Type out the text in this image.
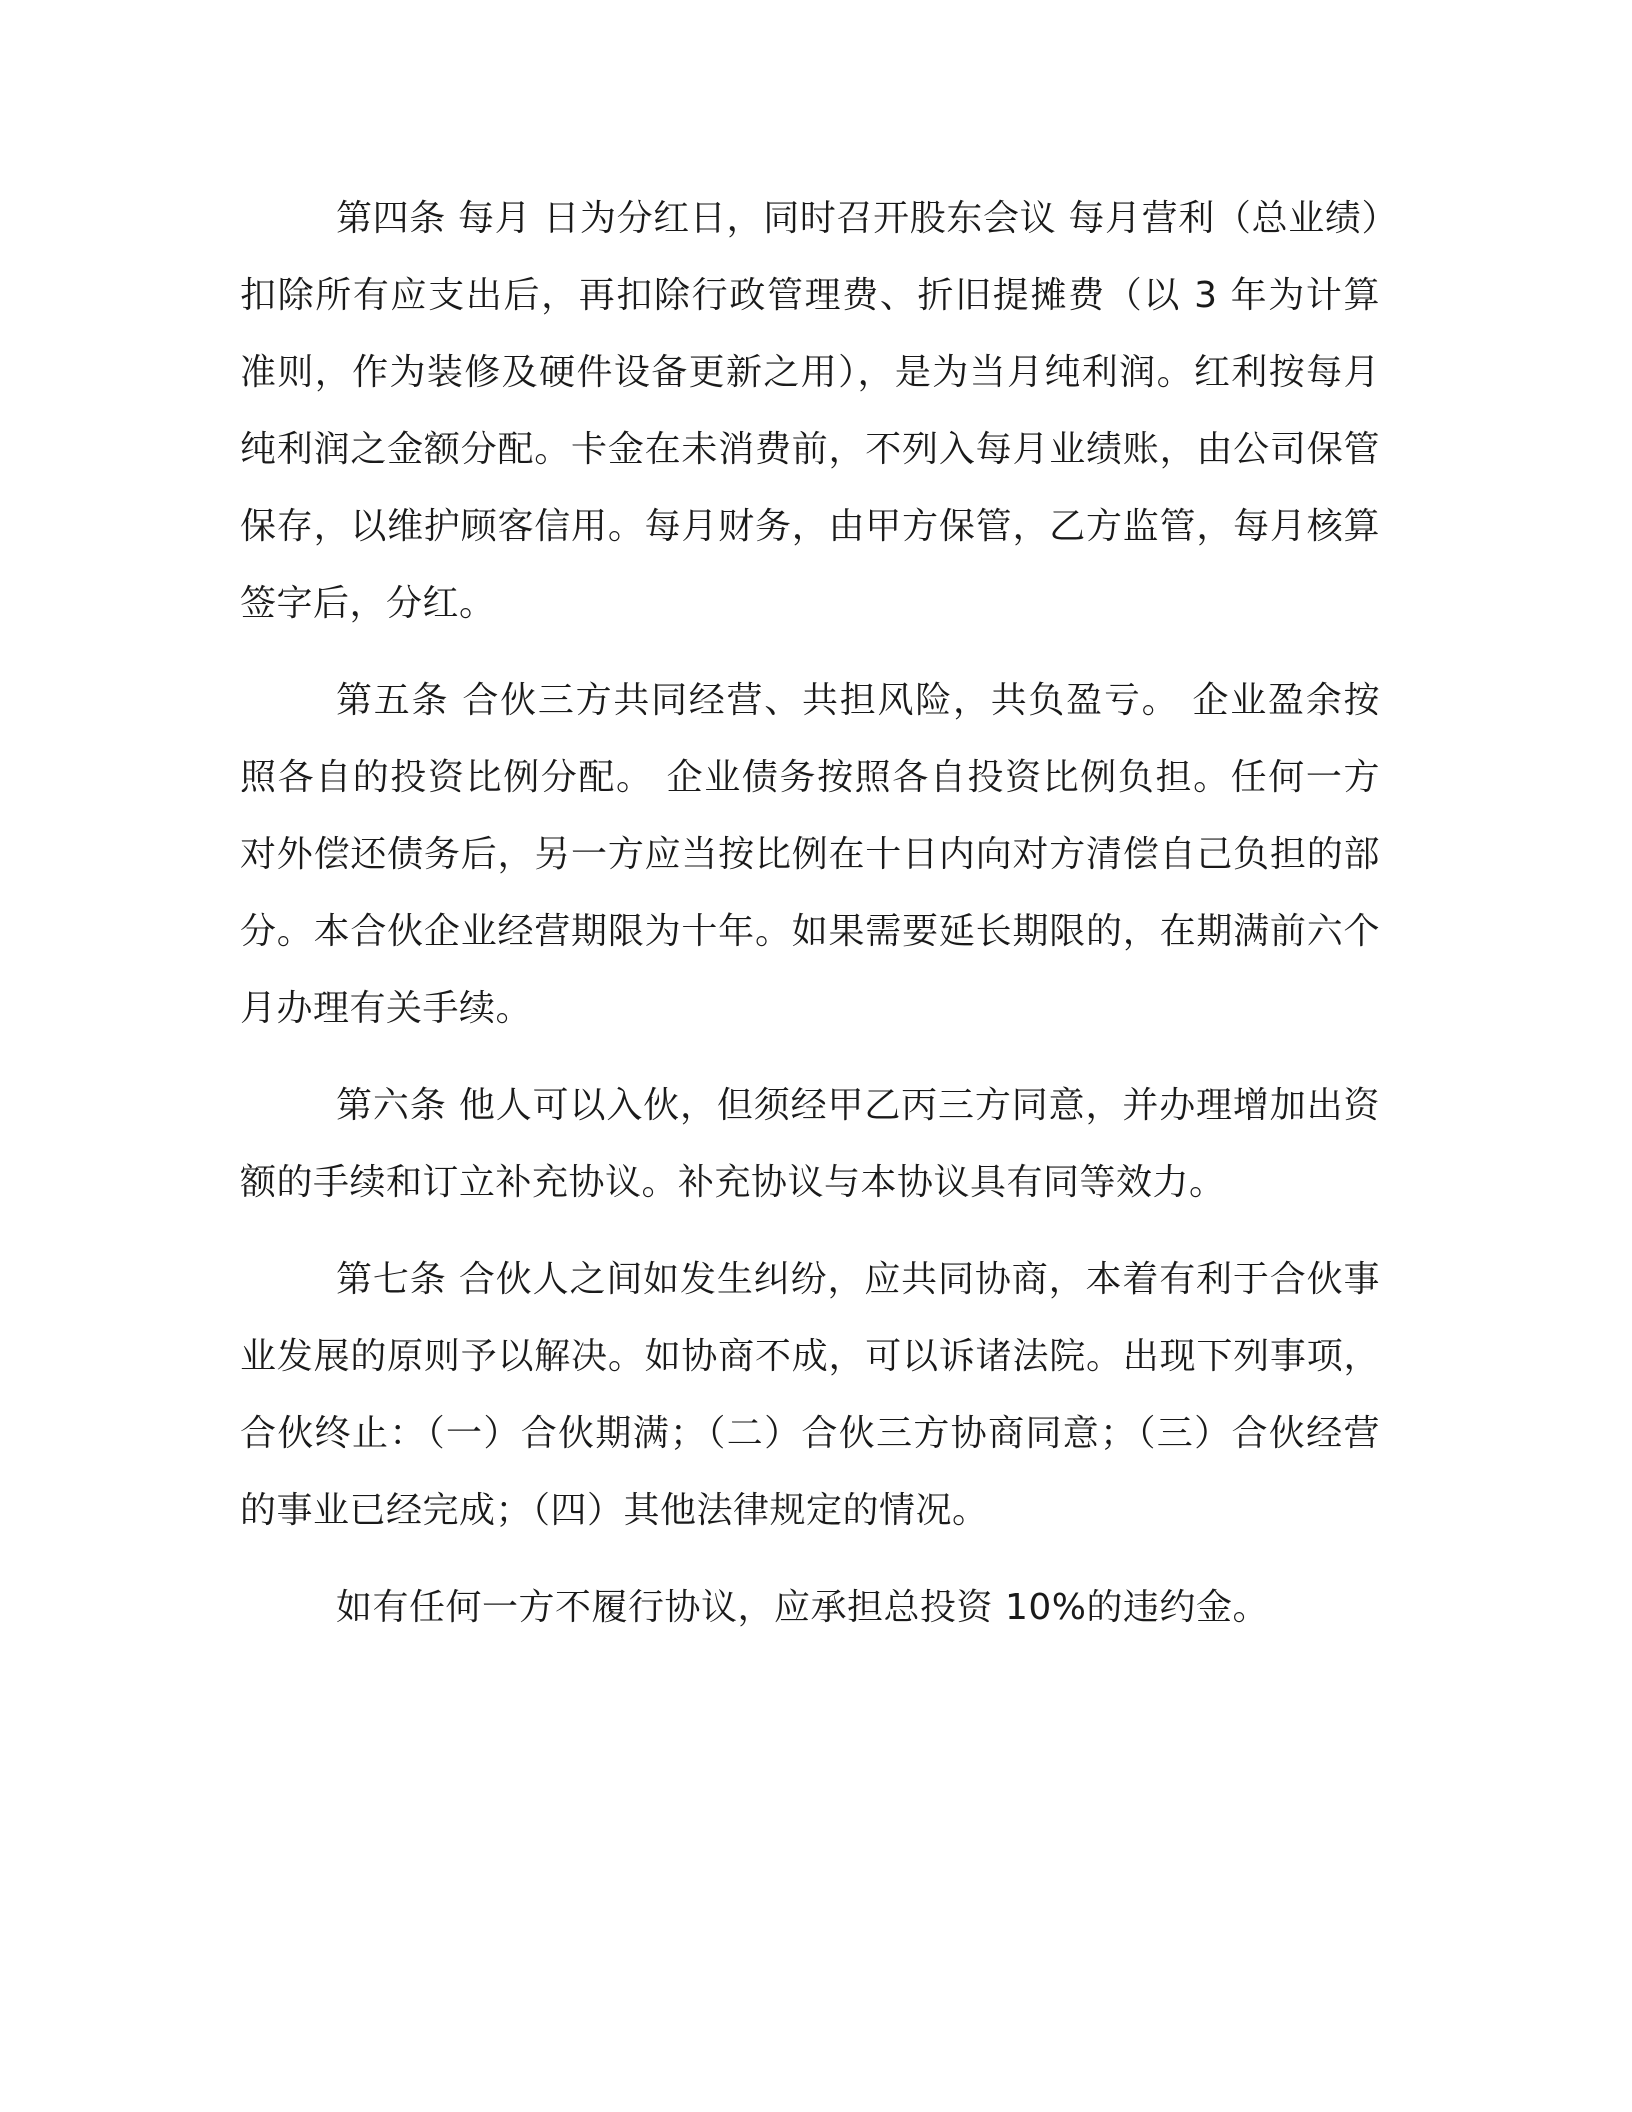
第四条 每月 日为分红日，同时召开股东会议 每月营利（总业绩）扣除所有应支出后，再扣除行政管理费、折旧提摊费（以 3 年为计算准则，作为装修及硬件设备更新之用），是为当月纯利润。红利按每月纯利润之金额分配。卡金在未消费前，不列入每月业绩账，由公司保管保存，以维护顾客信用。每月财务，由甲方保管，乙方监管，每月核算签字后，分红。

第五条 合伙三方共同经营、共担风险，共负盈亏。 企业盈余按照各自的投资比例分配。 企业债务按照各自投资比例负担。任何一方对外偿还债务后，另一方应当按比例在十日内向对方清偿自己负担的部分。本合伙企业经营期限为十年。如果需要延长期限的，在期满前六个月办理有关手续。

第六条 他人可以入伙，但须经甲乙丙三方同意，并办理增加出资额的手续和订立补充协议。补充协议与本协议具有同等效力。

第七条 合伙人之间如发生纠纷，应共同协商，本着有利于合伙事业发展的原则予以解决。如协商不成，可以诉诸法院。出现下列事项，合伙终止：（一）合伙期满；（二）合伙三方协商同意；（三）合伙经营的事业已经完成；（四）其他法律规定的情况。

如有任何一方不履行协议，应承担总投资 10%的违约金。
